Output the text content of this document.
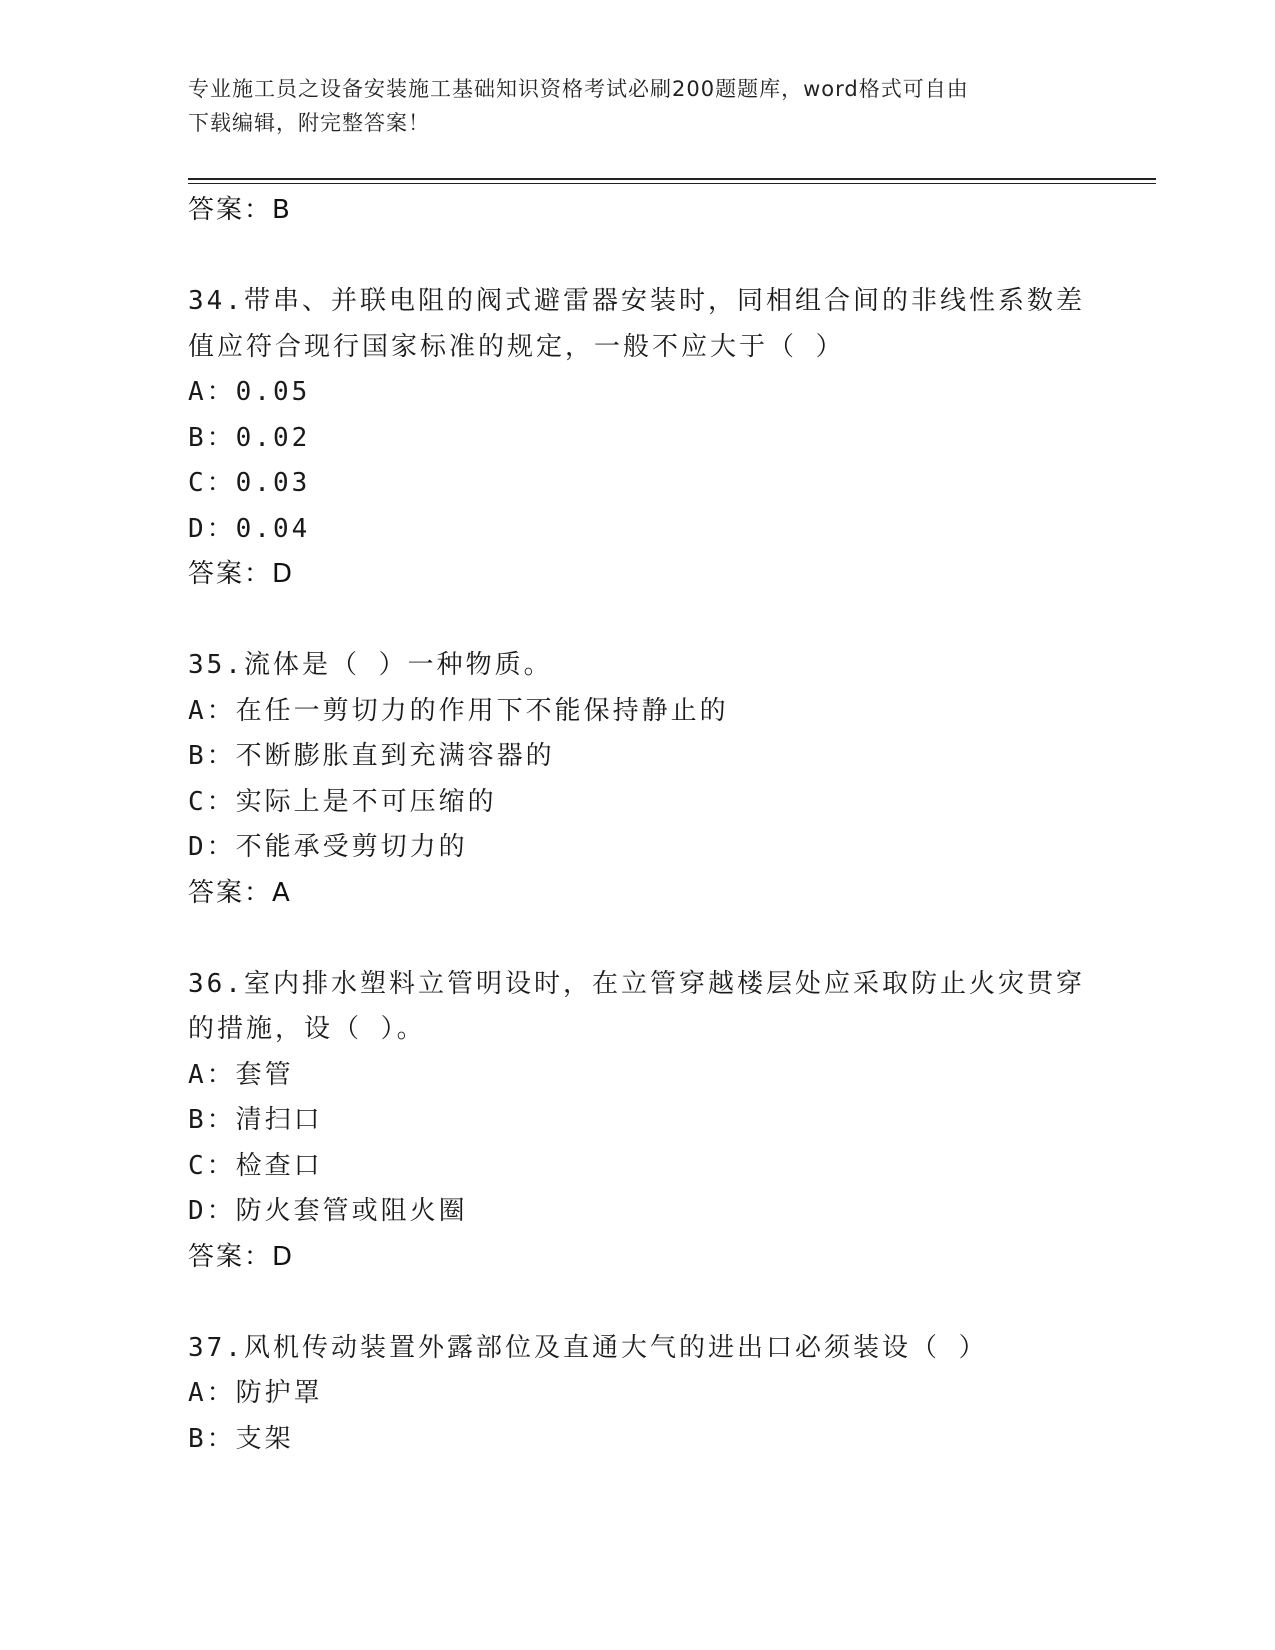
专业施工员之设备安装施工基础知识资格考试必刷200题题库，word格式可自由
下载编辑，附完整答案！
答案：B
34.带串、并联电阻的阀式避雷器安装时，同相组合间的非线性系数差
值应符合现行国家标准的规定，一般不应大于（ ）
A：0.05
B：0.02
C：0.03
D：0.04
答案：D
35.流体是（ ）一种物质。
A：在任一剪切力的作用下不能保持静止的
B：不断膨胀直到充满容器的
C：实际上是不可压缩的
D：不能承受剪切力的
答案：A
36.室内排水塑料立管明设时，在立管穿越楼层处应采取防止火灾贯穿
的措施，设（ ）。
A：套管
B：清扫口
C：检查口
D：防火套管或阻火圈
答案：D
37.风机传动装置外露部位及直通大气的进出口必须装设（ ）
A：防护罩
B：支架
